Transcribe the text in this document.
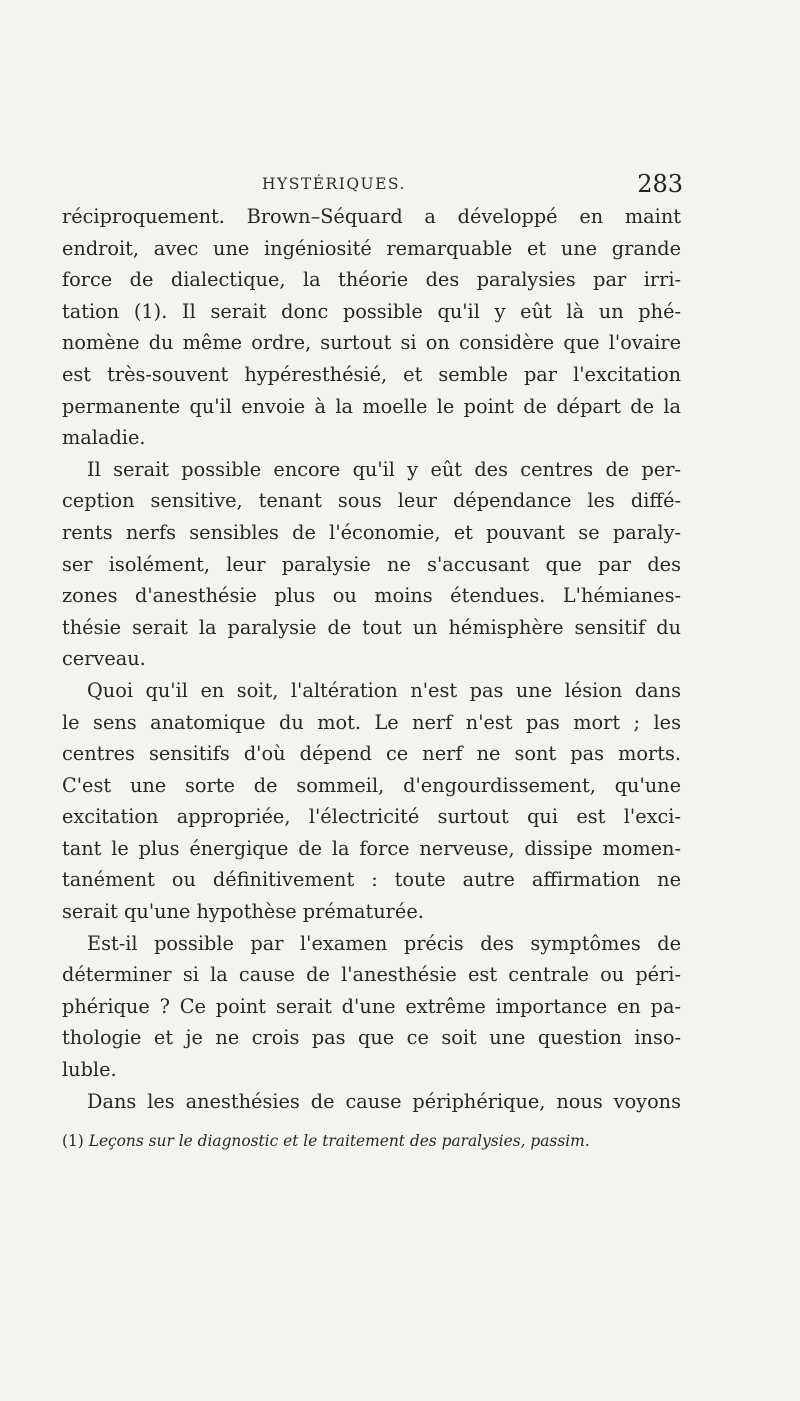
HYSTÉRIQUES.	283
réciproquement. Brown–Séquard a développé en maint
endroit, avec une ingéniosité remarquable et une grande
force de dialectique, la théorie des paralysies par irri-
tation (1). Il serait donc possible qu'il y eût là un phé-
nomène du même ordre, surtout si on considère que l'ovaire
est très-souvent hypéresthésié, et semble par l'excitation
permanente qu'il envoie à la moelle le point de départ de la
maladie.
Il serait possible encore qu'il y eût des centres de per-
ception sensitive, tenant sous leur dépendance les diffé-
rents nerfs sensibles de l'économie, et pouvant se paraly-
ser isolément, leur paralysie ne s'accusant que par des
zones d'anesthésie plus ou moins étendues. L'hémianes-
thésie serait la paralysie de tout un hémisphère sensitif du
cerveau.
Quoi qu'il en soit, l'altération n'est pas une lésion dans
le sens anatomique du mot. Le nerf n'est pas mort ; les
centres sensitifs d'où dépend ce nerf ne sont pas morts.
C'est une sorte de sommeil, d'engourdissement, qu'une
excitation appropriée, l'électricité surtout qui est l'exci-
tant le plus énergique de la force nerveuse, dissipe momen-
tanément ou définitivement : toute autre affirmation ne
serait qu'une hypothèse prématurée.
Est-il possible par l'examen précis des symptômes de
déterminer si la cause de l'anesthésie est centrale ou péri-
phérique ? Ce point serait d'une extrême importance en pa-
thologie et je ne crois pas que ce soit une question inso-
luble.
Dans les anesthésies de cause périphérique, nous voyons
(1) Leçons sur le diagnostic et le traitement des paralysies, passim.
